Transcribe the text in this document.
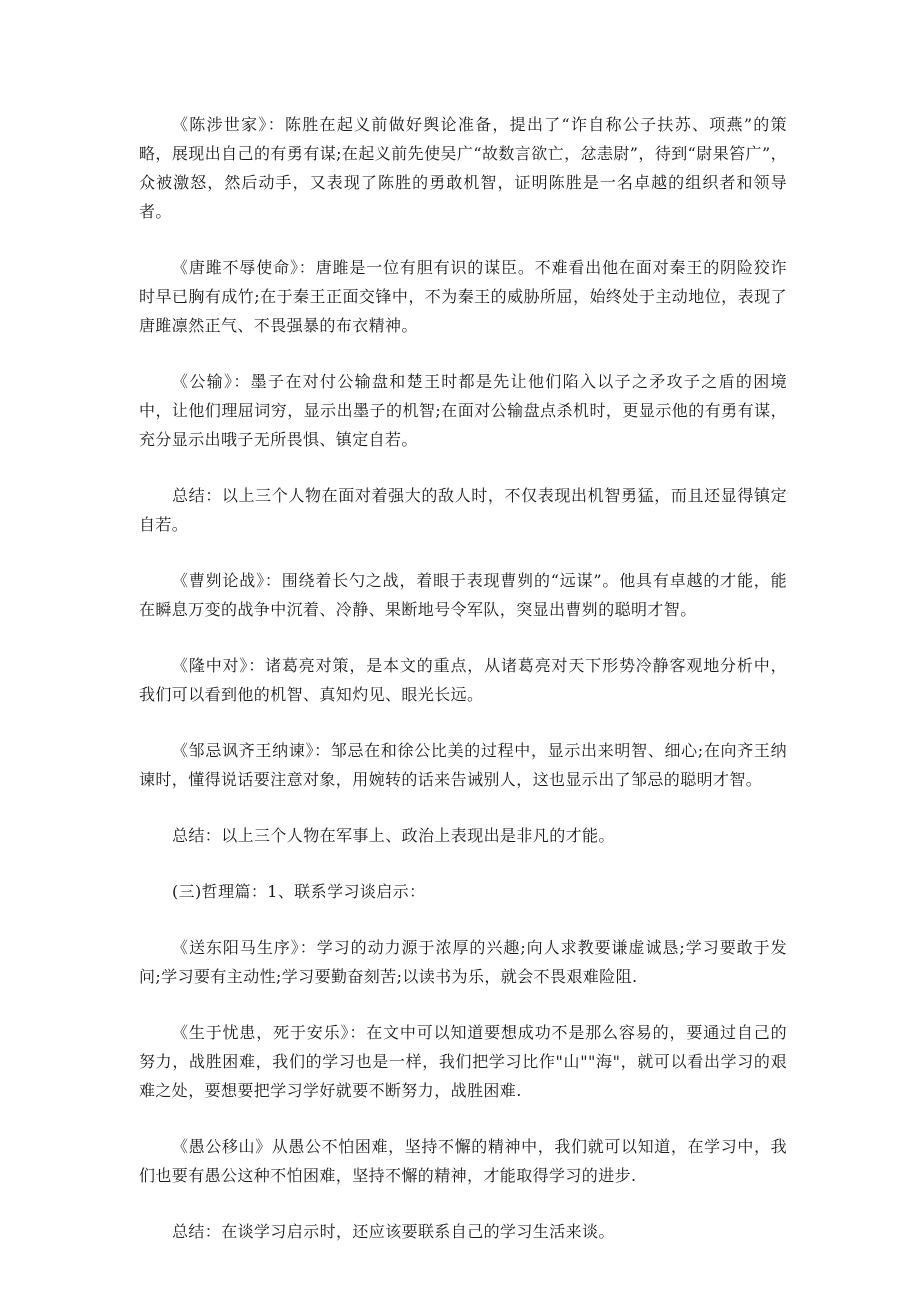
《陈涉世家》：陈胜在起义前做好舆论准备，提出了“诈自称公子扶苏、项燕”的策略，展现出自己的有勇有谋;在起义前先使吴广“故数言欲亡，忿恚尉”，待到“尉果笞广”，众被激怒，然后动手，又表现了陈胜的勇敢机智，证明陈胜是一名卓越的组织者和领导者。

《唐雎不辱使命》：唐雎是一位有胆有识的谋臣。不难看出他在面对秦王的阴险狡诈时早已胸有成竹;在于秦王正面交锋中，不为秦王的威胁所屈，始终处于主动地位，表现了唐雎凛然正气、不畏强暴的布衣精神。

《公输》：墨子在对付公输盘和楚王时都是先让他们陷入以子之矛攻子之盾的困境中，让他们理屈词穷，显示出墨子的机智;在面对公输盘点杀机时，更显示他的有勇有谋，充分显示出哦子无所畏惧、镇定自若。

总结：以上三个人物在面对着强大的敌人时，不仅表现出机智勇猛，而且还显得镇定自若。

《曹刿论战》：围绕着长勺之战，着眼于表现曹刿的“远谋”。他具有卓越的才能，能在瞬息万变的战争中沉着、冷静、果断地号令军队，突显出曹刿的聪明才智。

《隆中对》：诸葛亮对策，是本文的重点，从诸葛亮对天下形势冷静客观地分析中，我们可以看到他的机智、真知灼见、眼光长远。

《邹忌讽齐王纳谏》：邹忌在和徐公比美的过程中，显示出来明智、细心;在向齐王纳谏时，懂得说话要注意对象，用婉转的话来告诫别人，这也显示出了邹忌的聪明才智。

总结：以上三个人物在军事上、政治上表现出是非凡的才能。

(三)哲理篇：1、联系学习谈启示：

《送东阳马生序》：学习的动力源于浓厚的兴趣;向人求教要谦虚诚恳;学习要敢于发问;学习要有主动性;学习要勤奋刻苦;以读书为乐，就会不畏艰难险阻.

《生于忧患，死于安乐》：在文中可以知道要想成功不是那么容易的，要通过自己的努力，战胜困难，我们的学习也是一样，我们把学习比作"山""海"，就可以看出学习的艰难之处，要想要把学习学好就要不断努力，战胜困难.

《愚公移山》从愚公不怕困难，坚持不懈的精神中，我们就可以知道，在学习中，我们也要有愚公这种不怕困难，坚持不懈的精神，才能取得学习的进步.

总结：在谈学习启示时，还应该要联系自己的学习生活来谈。
